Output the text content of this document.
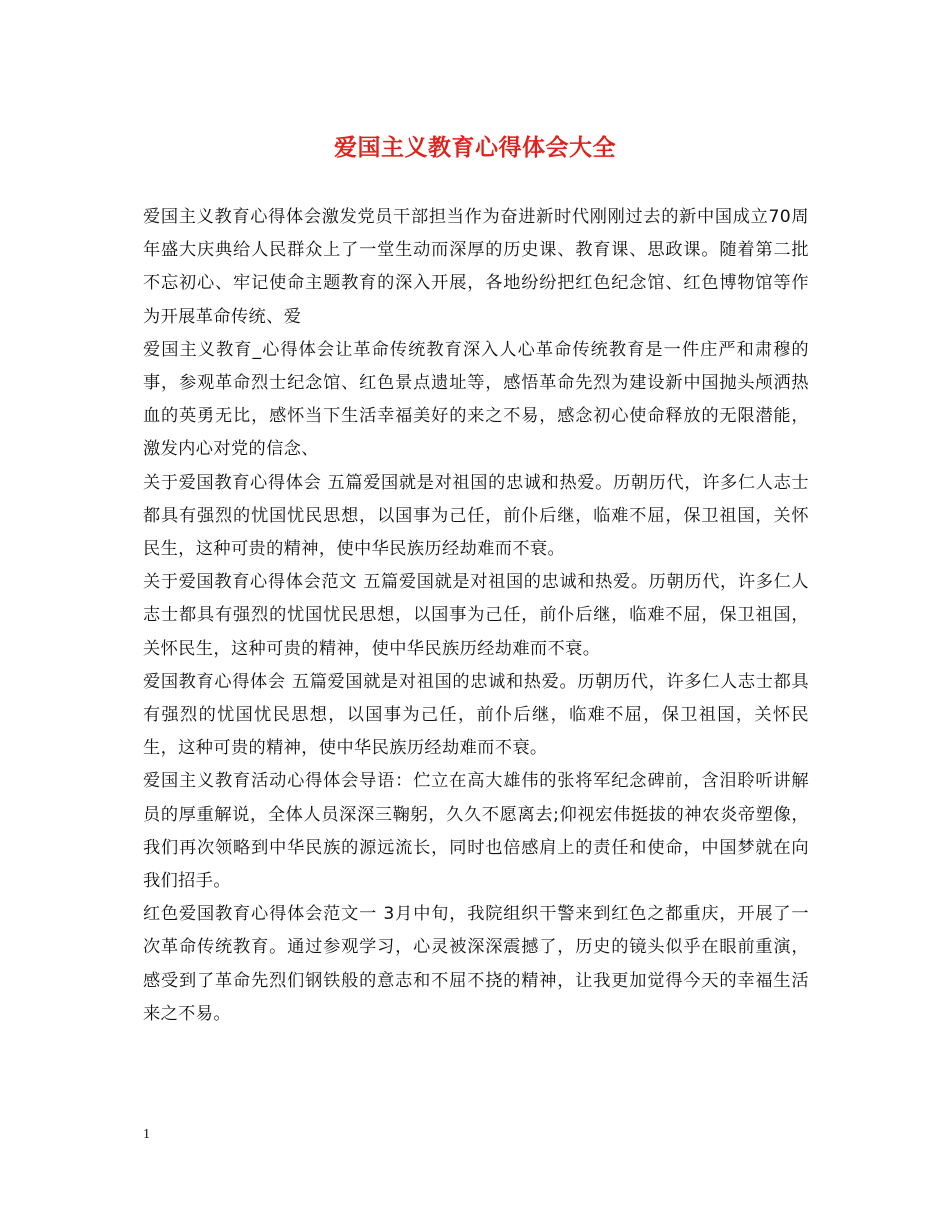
爱国主义教育心得体会大全

爱国主义教育心得体会激发党员干部担当作为奋进新时代刚刚过去的新中国成立70周年盛大庆典给人民群众上了一堂生动而深厚的历史课、教育课、思政课。随着第二批不忘初心、牢记使命主题教育的深入开展，各地纷纷把红色纪念馆、红色博物馆等作为开展革命传统、爱

爱国主义教育_心得体会让革命传统教育深入人心革命传统教育是一件庄严和肃穆的事，参观革命烈士纪念馆、红色景点遗址等，感悟革命先烈为建设新中国抛头颅洒热血的英勇无比，感怀当下生活幸福美好的来之不易，感念初心使命释放的无限潜能，激发内心对党的信念、

关于爱国教育心得体会 五篇爱国就是对祖国的忠诚和热爱。历朝历代，许多仁人志士都具有强烈的忧国忧民思想，以国事为己任，前仆后继，临难不屈，保卫祖国，关怀民生，这种可贵的精神，使中华民族历经劫难而不衰。

关于爱国教育心得体会范文 五篇爱国就是对祖国的忠诚和热爱。历朝历代，许多仁人志士都具有强烈的忧国忧民思想，以国事为己任，前仆后继，临难不屈，保卫祖国，关怀民生，这种可贵的精神，使中华民族历经劫难而不衰。

爱国教育心得体会 五篇爱国就是对祖国的忠诚和热爱。历朝历代，许多仁人志士都具有强烈的忧国忧民思想，以国事为己任，前仆后继，临难不屈，保卫祖国，关怀民生，这种可贵的精神，使中华民族历经劫难而不衰。

爱国主义教育活动心得体会导语：伫立在高大雄伟的张将军纪念碑前，含泪聆听讲解员的厚重解说，全体人员深深三鞠躬，久久不愿离去;仰视宏伟挺拔的神农炎帝塑像，我们再次领略到中华民族的源远流长，同时也倍感肩上的责任和使命，中国梦就在向我们招手。

红色爱国教育心得体会范文一 3月中旬，我院组织干警来到红色之都重庆，开展了一次革命传统教育。通过参观学习，心灵被深深震撼了，历史的镜头似乎在眼前重演，感受到了革命先烈们钢铁般的意志和不屈不挠的精神，让我更加觉得今天的幸福生活来之不易。

1
